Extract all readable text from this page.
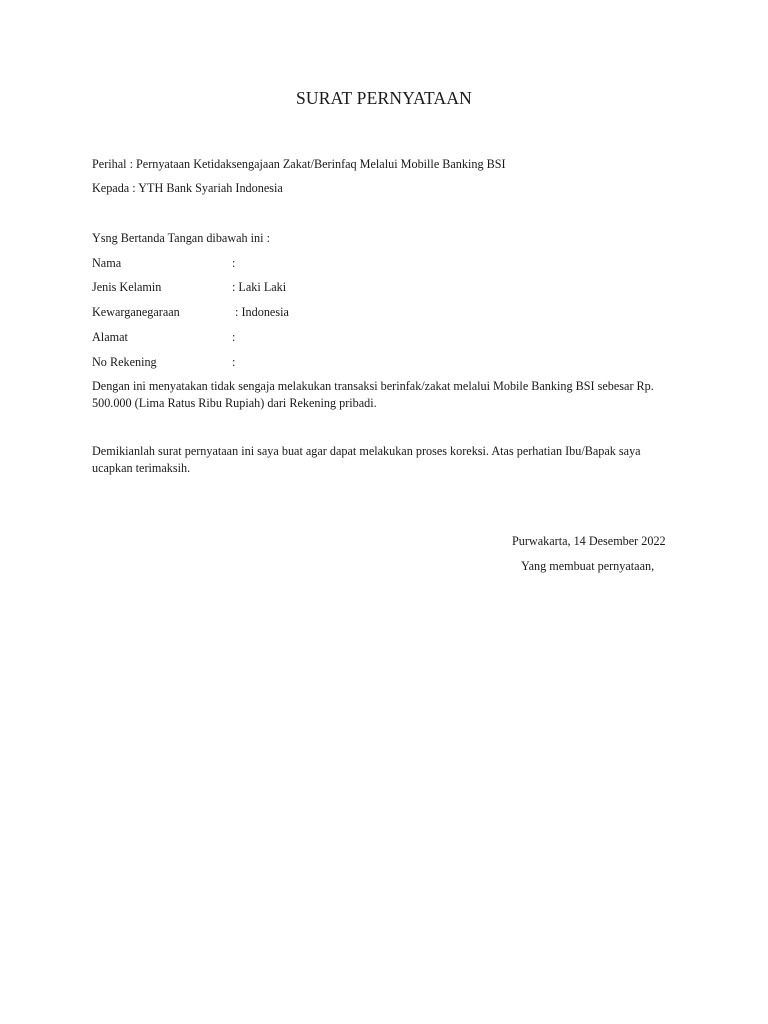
SURAT PERNYATAAN
Perihal : Pernyataan Ketidaksengajaan Zakat/Berinfaq Melalui Mobille Banking BSI
Kepada : YTH Bank Syariah Indonesia
Ysng Bertanda Tangan dibawah ini :
Nama	:
Jenis Kelamin	: Laki Laki
Kewarganegaraan	: Indonesia
Alamat	:
No Rekening	:
Dengan ini menyatakan tidak sengaja melakukan transaksi berinfak/zakat melalui Mobile Banking BSI sebesar Rp. 500.000 (Lima Ratus Ribu Rupiah) dari Rekening pribadi.
Demikianlah surat pernyataan ini saya buat agar dapat melakukan proses koreksi. Atas perhatian Ibu/Bapak saya ucapkan terimaksih.
Purwakarta, 14 Desember 2022
Yang membuat pernyataan,
